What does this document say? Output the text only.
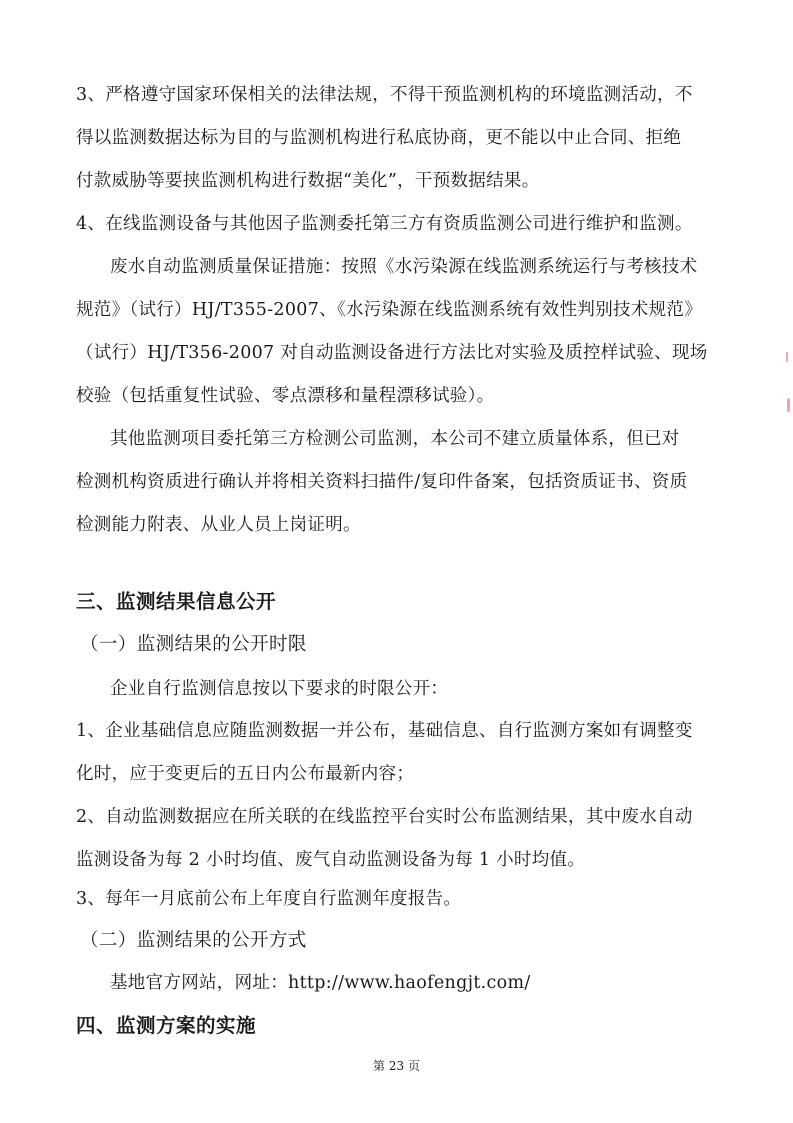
3、严格遵守国家环保相关的法律法规，不得干预监测机构的环境监测活动，不
得以监测数据达标为目的与监测机构进行私底协商，更不能以中止合同、拒绝
付款威胁等要挟监测机构进行数据“美化”，干预数据结果。
4、在线监测设备与其他因子监测委托第三方有资质监测公司进行维护和监测。
废水自动监测质量保证措施：按照《水污染源在线监测系统运行与考核技术
规范》（试行）HJ/T355-2007、《水污染源在线监测系统有效性判别技术规范》
（试行）HJ/T356-2007 对自动监测设备进行方法比对实验及质控样试验、现场
校验（包括重复性试验、零点漂移和量程漂移试验）。
其他监测项目委托第三方检测公司监测，本公司不建立质量体系，但已对
检测机构资质进行确认并将相关资料扫描件/复印件备案，包括资质证书、资质
检测能力附表、从业人员上岗证明。
三、监测结果信息公开
（一）监测结果的公开时限
企业自行监测信息按以下要求的时限公开：
1、企业基础信息应随监测数据一并公布，基础信息、自行监测方案如有调整变
化时，应于变更后的五日内公布最新内容；
2、自动监测数据应在所关联的在线监控平台实时公布监测结果，其中废水自动
监测设备为每 2 小时均值、废气自动监测设备为每 1 小时均值。
3、每年一月底前公布上年度自行监测年度报告。
（二）监测结果的公开方式
基地官方网站，网址：http://www.haofengjt.com/
四、监测方案的实施
第 23 页
